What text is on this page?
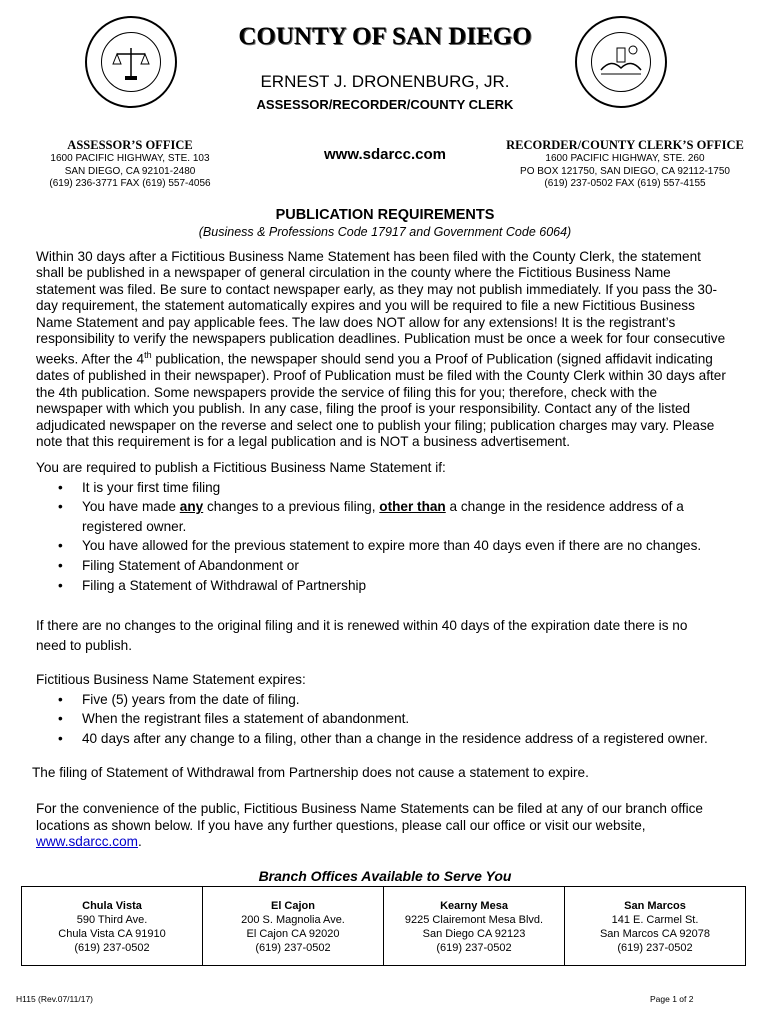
COUNTY OF SAN DIEGO
ERNEST J. DRONENBURG, JR.
ASSESSOR/RECORDER/COUNTY CLERK
ASSESSOR’S OFFICE
1600 PACIFIC HIGHWAY, STE. 103
SAN DIEGO, CA 92101-2480
(619) 236-3771 FAX (619) 557-4056
www.sdarcc.com
RECORDER/COUNTY CLERK’S OFFICE
1600 PACIFIC HIGHWAY, STE. 260
PO BOX 121750, SAN DIEGO, CA 92112-1750
(619) 237-0502 FAX (619) 557-4155
PUBLICATION REQUIREMENTS
(Business & Professions Code 17917 and Government Code 6064)

Within 30 days after a Fictitious Business Name Statement has been filed with the County Clerk, the statement shall be published in a newspaper of general circulation in the county where the Fictitious Business Name statement was filed. Be sure to contact newspaper early, as they may not publish immediately. If you pass the 30-day requirement, the statement automatically expires and you will be required to file a new Fictitious Business Name Statement and pay applicable fees. The law does NOT allow for any extensions! It is the registrant’s responsibility to verify the newspapers publication deadlines. Publication must be once a week for four consecutive weeks. After the 4th publication, the newspaper should send you a Proof of Publication (signed affidavit indicating dates of published in their newspaper). Proof of Publication must be filed with the County Clerk within 30 days after the 4th publication. Some newspapers provide the service of filing this for you; therefore, check with the newspaper with which you publish. In any case, filing the proof is your responsibility. Contact any of the listed adjudicated newspaper on the reverse and select one to publish your filing; publication charges may vary. Please note that this requirement is for a legal publication and is NOT a business advertisement.

You are required to publish a Fictitious Business Name Statement if:

• It is your first time filing
• You have made any changes to a previous filing, other than a change in the residence address of a registered owner.
• You have allowed for the previous statement to expire more than 40 days even if there are no changes.
• Filing Statement of Abandonment or
• Filing a Statement of Withdrawal of Partnership
If there are no changes to the original filing and it is renewed within 40 days of the expiration date there is no need to publish.

Fictitious Business Name Statement expires:

• Five (5) years from the date of filing.
• When the registrant files a statement of abandonment.
• 40 days after any change to a filing, other than a change in the residence address of a registered owner.
The filing of Statement of Withdrawal from Partnership does not cause a statement to expire.
For the convenience of the public, Fictitious Business Name Statements can be filed at any of our branch office locations as shown below. If you have any further questions, please call our office or visit our website, www.sdarcc.com.
Branch Offices Available to Serve You
Chula Vista
590 Third Ave.
Chula Vista CA 91910
(619) 237-0502

El Cajon
200 S. Magnolia Ave.
El Cajon CA 92020
(619) 237-0502

Kearny Mesa
9225 Clairemont Mesa Blvd.
San Diego CA 92123
(619) 237-0502

San Marcos
141 E. Carmel St.
San Marcos CA 92078
(619) 237-0502
H115 (Rev.07/11/17)	Page 1 of 2
